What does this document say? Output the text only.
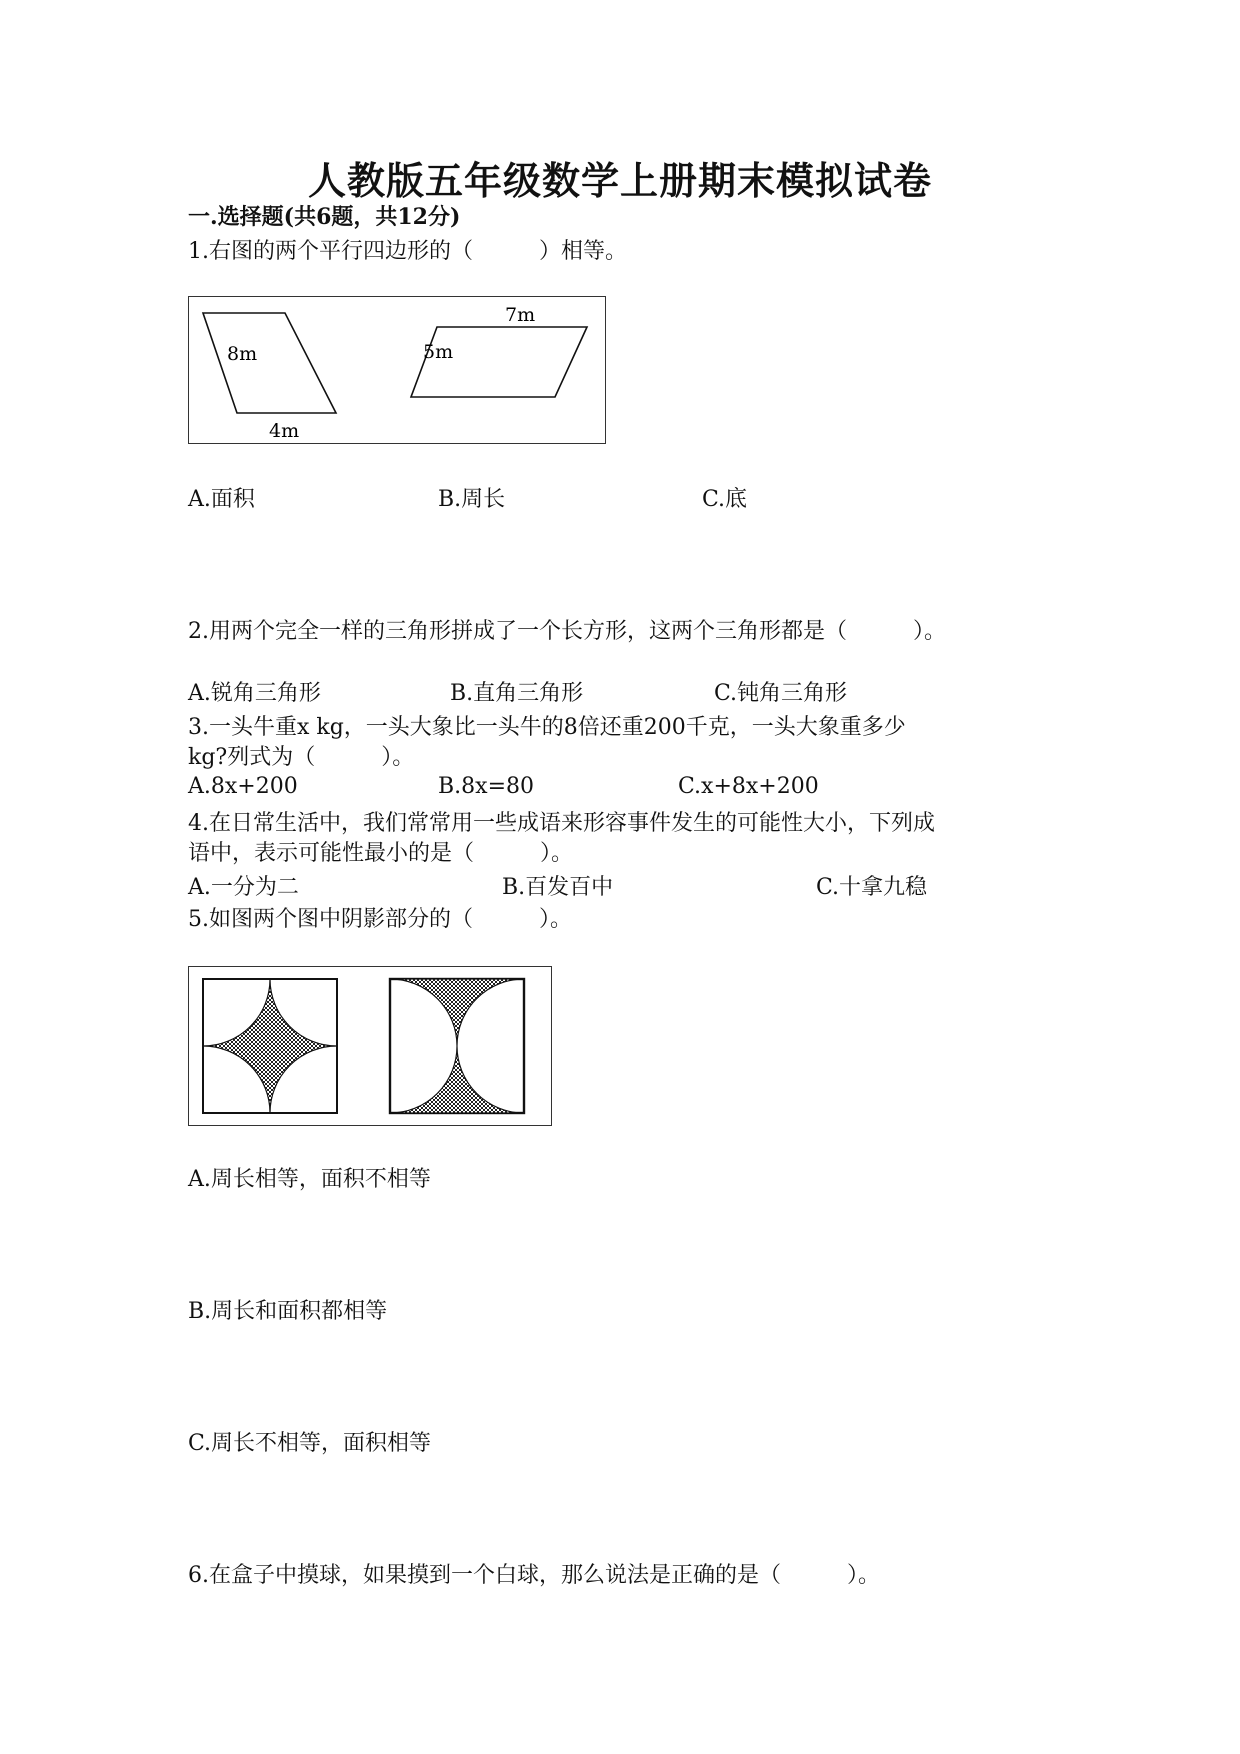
人教版五年级数学上册期末模拟试卷
一.选择题(共6题，共12分)
1.右图的两个平行四边形的（　　　）相等。
8m
4m
7m
5m
A.面积	B.周长	C.底
2.用两个完全一样的三角形拼成了一个长方形，这两个三角形都是（　　　）。
A.锐角三角形	B.直角三角形	C.钝角三角形
3.一头牛重x kg，一头大象比一头牛的8倍还重200千克，一头大象重多少
kg?列式为（　　　）。
A.8x+200	B.8x=80	C.x+8x+200
4.在日常生活中，我们常常用一些成语来形容事件发生的可能性大小，下列成
语中，表示可能性最小的是（　　　）。
A.一分为二	B.百发百中	C.十拿九稳
5.如图两个图中阴影部分的（　　　）。
A.周长相等，面积不相等
B.周长和面积都相等
C.周长不相等，面积相等
6.在盒子中摸球，如果摸到一个白球，那么说法是正确的是（　　　）。
